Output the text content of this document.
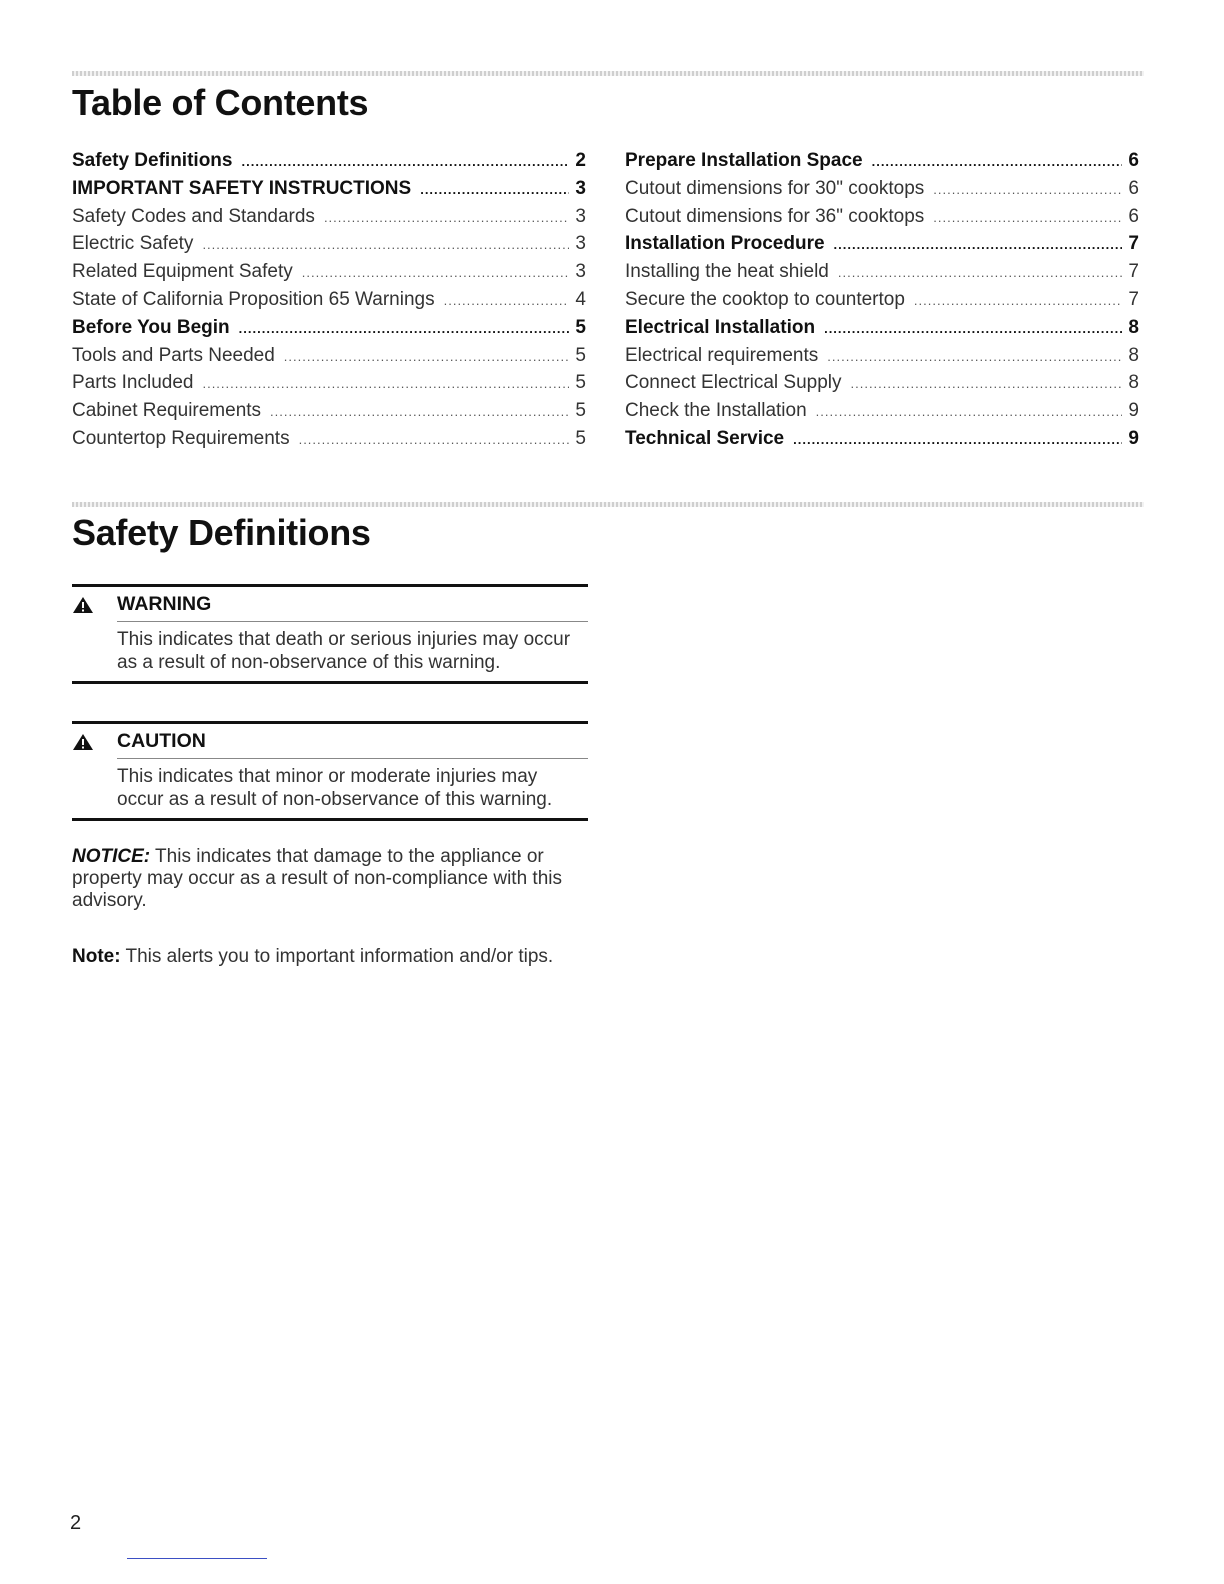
Table of Contents
Safety Definitions .....	2
IMPORTANT SAFETY INSTRUCTIONS .....	3
Safety Codes and Standards .....	3
Electric Safety .....	3
Related Equipment Safety .....	3
State of California Proposition 65 Warnings .....	4
Before You Begin .....	5
Tools and Parts Needed .....	5
Parts Included .....	5
Cabinet Requirements .....	5
Countertop Requirements .....	5
Prepare Installation Space .....	6
Cutout dimensions for 30" cooktops .....	6
Cutout dimensions for 36" cooktops .....	6
Installation Procedure .....	7
Installing the heat shield .....	7
Secure the cooktop to countertop .....	7
Electrical Installation .....	8
Electrical requirements .....	8
Connect Electrical Supply .....	8
Check the Installation .....	9
Technical Service .....	9
Safety Definitions
WARNING
This indicates that death or serious injuries may occur as a result of non-observance of this warning.
CAUTION
This indicates that minor or moderate injuries may occur as a result of non-observance of this warning.

NOTICE: This indicates that damage to the appliance or property may occur as a result of non-compliance with this advisory.

Note: This alerts you to important information and/or tips.

2
